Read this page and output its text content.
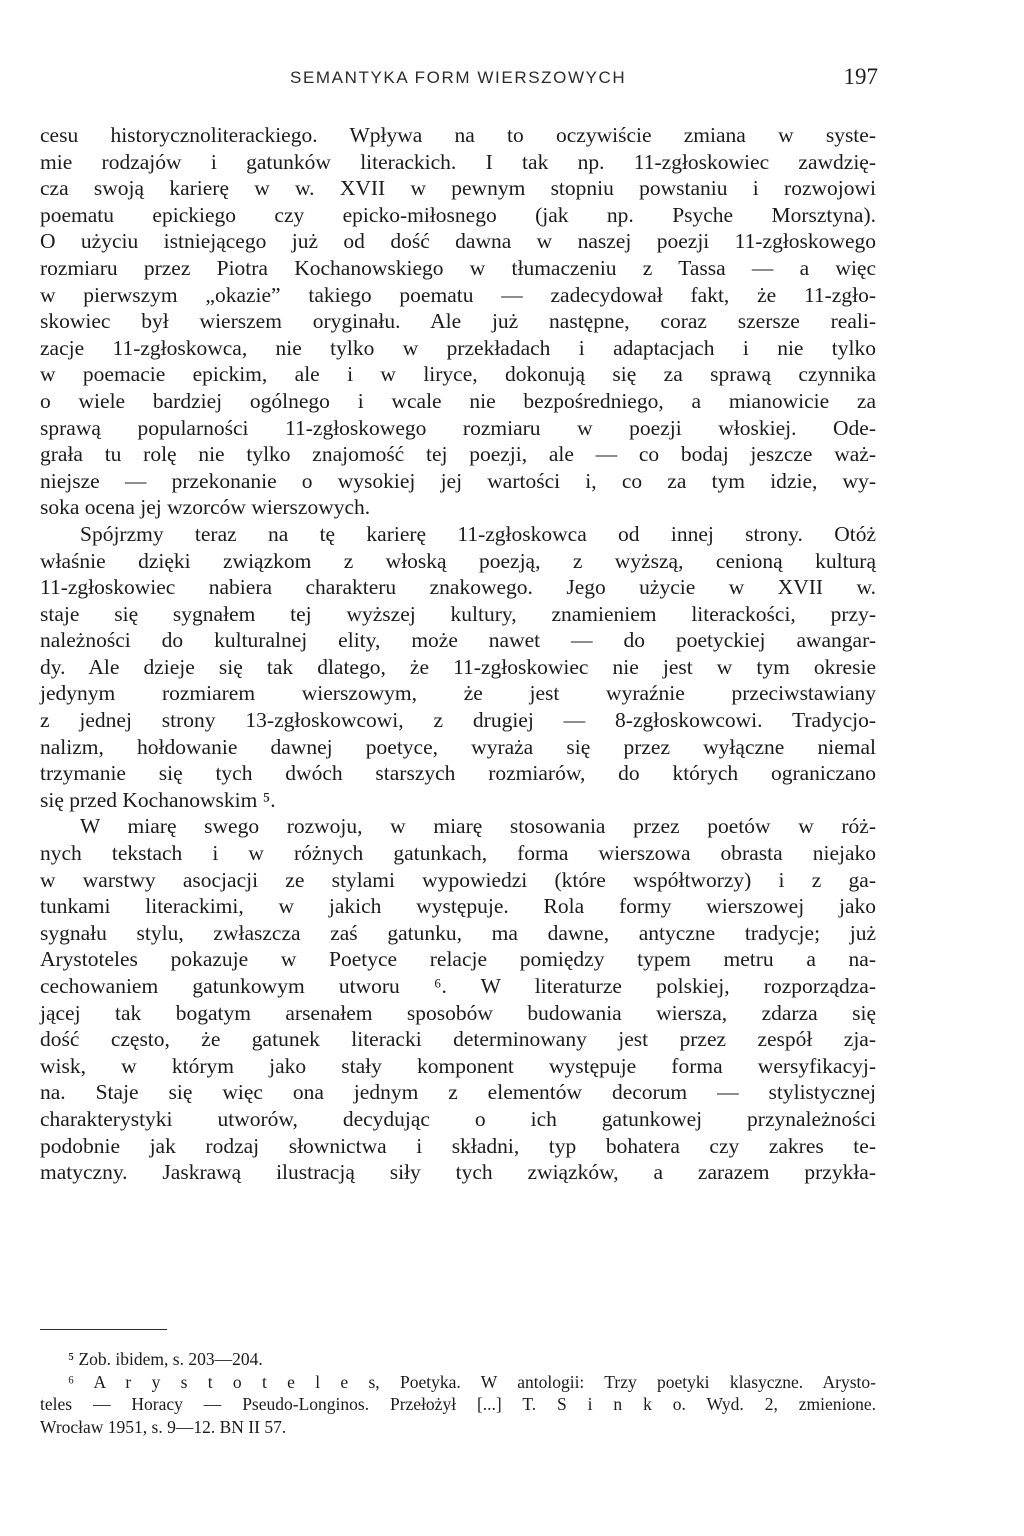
SEMANTYKA FORM WIERSZOWYCH	197
cesu historycznoliterackiego. Wpływa na to oczywiście zmiana w syste-
mie rodzajów i gatunków literackich. I tak np. 11-zgłoskowiec zawdzię-
cza swoją karierę w w. XVII w pewnym stopniu powstaniu i rozwojowi
poematu epickiego czy epicko-miłosnego (jak np. Psyche Morsztyna).
O użyciu istniejącego już od dość dawna w naszej poezji 11-zgłoskowego
rozmiaru przez Piotra Kochanowskiego w tłumaczeniu z Tassa — a więc
w pierwszym „okazie” takiego poematu — zadecydował fakt, że 11-zgło-
skowiec był wierszem oryginału. Ale już następne, coraz szersze reali-
zacje 11-zgłoskowca, nie tylko w przekładach i adaptacjach i nie tylko
w poemacie epickim, ale i w liryce, dokonują się za sprawą czynnika
o wiele bardziej ogólnego i wcale nie bezpośredniego, a mianowicie za
sprawą popularności 11-zgłoskowego rozmiaru w poezji włoskiej. Ode-
grała tu rolę nie tylko znajomość tej poezji, ale — co bodaj jeszcze waż-
niejsze — przekonanie o wysokiej jej wartości i, co za tym idzie, wy-
soka ocena jej wzorców wierszowych.
Spójrzmy teraz na tę karierę 11-zgłoskowca od innej strony. Otóż
właśnie dzięki związkom z włoską poezją, z wyższą, cenioną kulturą
11-zgłoskowiec nabiera charakteru znakowego. Jego użycie w XVII w.
staje się sygnałem tej wyższej kultury, znamieniem literackości, przy-
należności do kulturalnej elity, może nawet — do poetyckiej awangar-
dy. Ale dzieje się tak dlatego, że 11-zgłoskowiec nie jest w tym okresie
jedynym rozmiarem wierszowym, że jest wyraźnie przeciwstawiany
z jednej strony 13-zgłoskowcowi, z drugiej — 8-zgłoskowcowi. Tradycjo-
nalizm, hołdowanie dawnej poetyce, wyraża się przez wyłączne niemal
trzymanie się tych dwóch starszych rozmiarów, do których ograniczano
się przed Kochanowskim ⁵.
W miarę swego rozwoju, w miarę stosowania przez poetów w róż-
nych tekstach i w różnych gatunkach, forma wierszowa obrasta niejako
w warstwy asocjacji ze stylami wypowiedzi (które współtworzy) i z ga-
tunkami literackimi, w jakich występuje. Rola formy wierszowej jako
sygnału stylu, zwłaszcza zaś gatunku, ma dawne, antyczne tradycje; już
Arystoteles pokazuje w Poetyce relacje pomiędzy typem metru a na-
cechowaniem gatunkowym utworu ⁶. W literaturze polskiej, rozporządza-
jącej tak bogatym arsenałem sposobów budowania wiersza, zdarza się
dość często, że gatunek literacki determinowany jest przez zespół zja-
wisk, w którym jako stały komponent występuje forma wersyfikacyj-
na. Staje się więc ona jednym z elementów decorum — stylistycznej
charakterystyki utworów, decydując o ich gatunkowej przynależności
podobnie jak rodzaj słownictwa i składni, typ bohatera czy zakres te-
matyczny. Jaskrawą ilustracją siły tych związków, a zarazem przykła-
⁵ Zob. ibidem, s. 203—204.
⁶ A r y s t o t e l e s, Poetyka. W antologii: Trzy poetyki klasyczne. Arysto-
teles — Horacy — Pseudo-Longinos. Przełożył [...] T. S i n k o. Wyd. 2, zmienione.
Wrocław 1951, s. 9—12. BN II 57.
